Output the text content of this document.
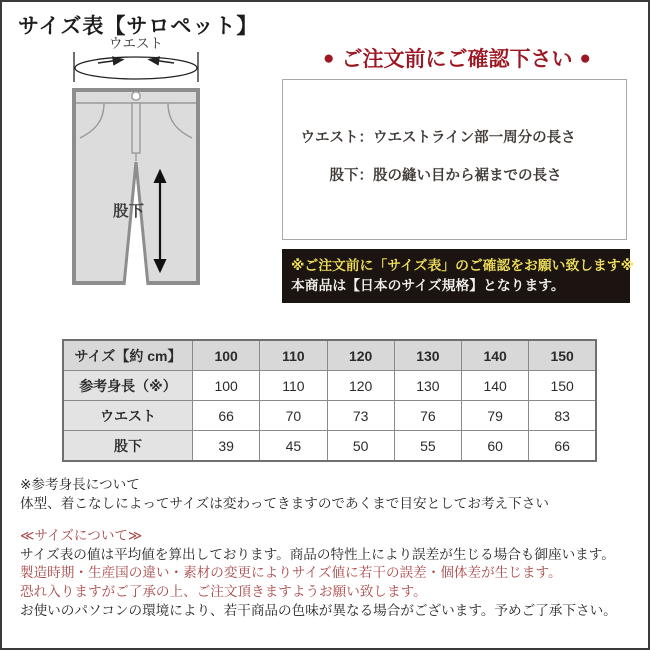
サイズ表【サロペット】
ウエスト
股下
● ご注文前にご確認下さい ●
ウエスト： ウエストライン部一周分の長さ
股下： 股の縫い目から裾までの長さ
※ご注文前に「サイズ表」のご確認をお願い致します※
本商品は【日本のサイズ規格】となります。
サイズ【約 cm】	100	110	120	130	140	150
参考身長（※）	100	110	120	130	140	150
ウエスト	66	70	73	76	79	83
股下	39	45	50	55	60	66
※参考身長について
体型、着こなしによってサイズは変わってきますのであくまで目安としてお考え下さい
≪サイズについて≫
サイズ表の値は平均値を算出しております。商品の特性上により誤差が生じる場合も御座います。
製造時期・生産国の違い・素材の変更によりサイズ値に若干の誤差・個体差が生じます。
恐れ入りますがご了承の上、ご注文頂きますようお願い致します。
お使いのパソコンの環境により、若干商品の色味が異なる場合がございます。予めご了承下さい。
